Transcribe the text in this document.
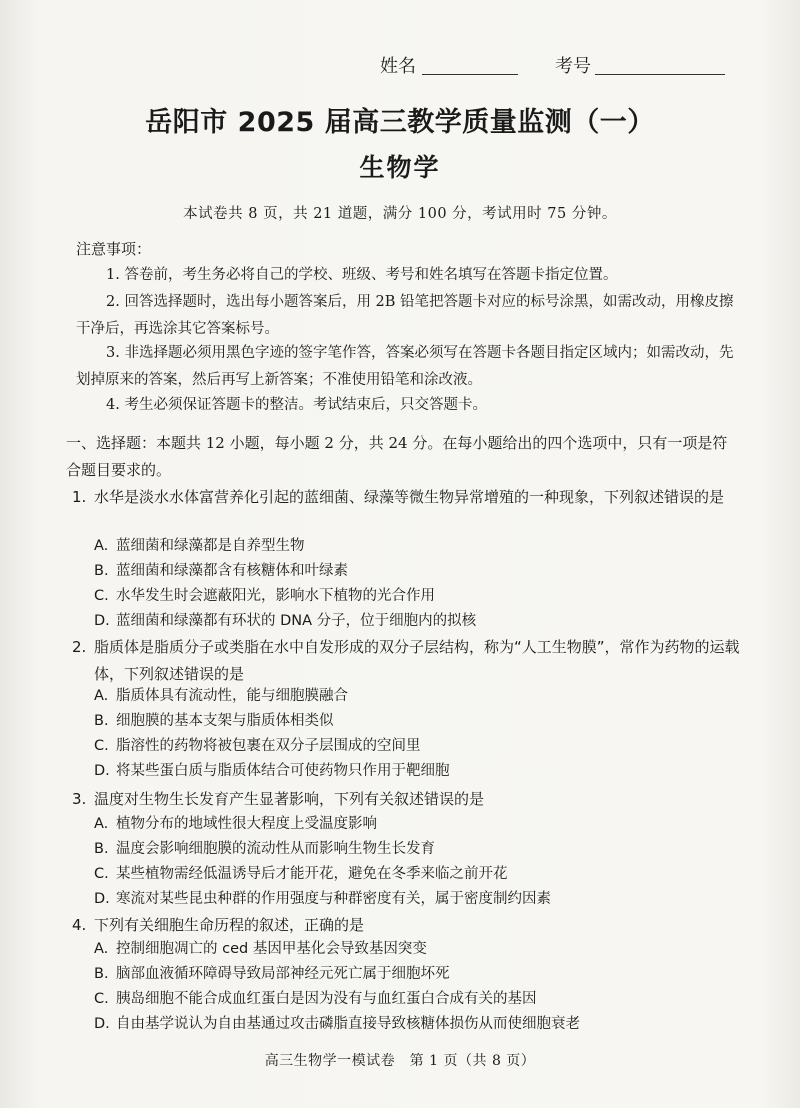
姓名	考号
岳阳市 2025 届高三教学质量监测（一）
生物学
本试卷共 8 页，共 21 道题，满分 100 分，考试用时 75 分钟。
注意事项：
1. 答卷前，考生务必将自己的学校、班级、考号和姓名填写在答题卡指定位置。
2. 回答选择题时，选出每小题答案后，用 2B 铅笔把答题卡对应的标号涂黑，如需改动，用橡皮擦干净后，再选涂其它答案标号。
3. 非选择题必须用黑色字迹的签字笔作答，答案必须写在答题卡各题目指定区域内；如需改动，先划掉原来的答案，然后再写上新答案；不准使用铅笔和涂改液。
4. 考生必须保证答题卡的整洁。考试结束后，只交答题卡。
一、选择题：本题共 12 小题，每小题 2 分，共 24 分。在每小题给出的四个选项中，只有一项是符合题目要求的。
1. 水华是淡水水体富营养化引起的蓝细菌、绿藻等微生物异常增殖的一种现象，下列叙述错误的是
A. 蓝细菌和绿藻都是自养型生物
B. 蓝细菌和绿藻都含有核糖体和叶绿素
C. 水华发生时会遮蔽阳光，影响水下植物的光合作用
D. 蓝细菌和绿藻都有环状的 DNA 分子，位于细胞内的拟核
2. 脂质体是脂质分子或类脂在水中自发形成的双分子层结构，称为“人工生物膜”，常作为药物的运载体，下列叙述错误的是
A. 脂质体具有流动性，能与细胞膜融合
B. 细胞膜的基本支架与脂质体相类似
C. 脂溶性的药物将被包裹在双分子层围成的空间里
D. 将某些蛋白质与脂质体结合可使药物只作用于靶细胞
3. 温度对生物生长发育产生显著影响，下列有关叙述错误的是
A. 植物分布的地域性很大程度上受温度影响
B. 温度会影响细胞膜的流动性从而影响生物生长发育
C. 某些植物需经低温诱导后才能开花，避免在冬季来临之前开花
D. 寒流对某些昆虫种群的作用强度与种群密度有关，属于密度制约因素
4. 下列有关细胞生命历程的叙述，正确的是
A. 控制细胞凋亡的 ced 基因甲基化会导致基因突变
B. 脑部血液循环障碍导致局部神经元死亡属于细胞坏死
C. 胰岛细胞不能合成血红蛋白是因为没有与血红蛋白合成有关的基因
D. 自由基学说认为自由基通过攻击磷脂直接导致核糖体损伤从而使细胞衰老
高三生物学一模试卷　第 1 页（共 8 页）
